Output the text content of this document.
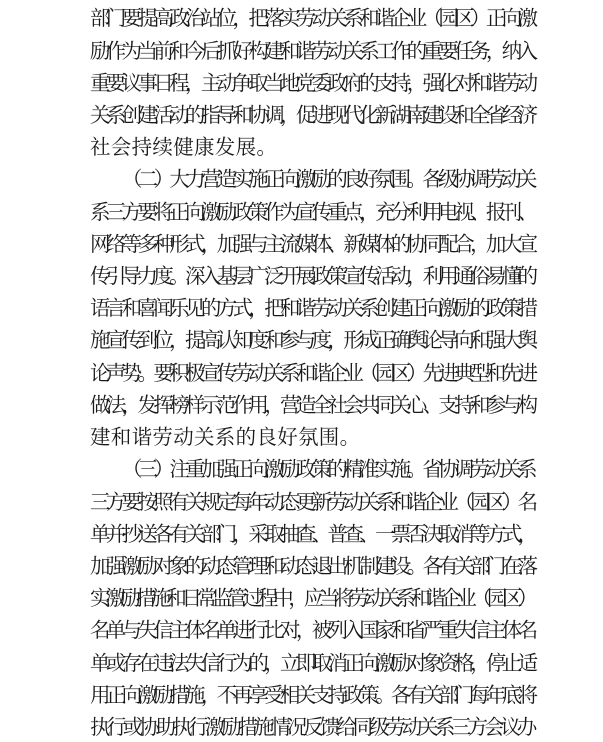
部门要提高政治站位，把落实劳动关系和谐企业（园区）正向激
励作为当前和今后抓好构建和谐劳动关系工作的重要任务，纳入
重要议事日程，主动争取当地党委政府的支持，强化对和谐劳动
关系创建活动的指导和协调，促进现代化新湖南建设和全省经济
社会持续健康发展。
（二）大力营造实施正向激励的良好氛围。各级协调劳动关
系三方要将正向激励政策作为宣传重点，充分利用电视、报刊、
网络等多种形式，加强与主流媒体、新媒体的协同配合，加大宣
传引导力度。深入基层广泛开展政策宣传活动，利用通俗易懂的
语言和喜闻乐见的方式，把和谐劳动关系创建正向激励的政策措
施宣传到位，提高认知度和参与度，形成正确舆论导向和强大舆
论声势。要积极宣传劳动关系和谐企业（园区）先进典型和先进
做法，发挥榜样示范作用，营造全社会共同关心、支持和参与构
建和谐劳动关系的良好氛围。
（三）注重加强正向激励政策的精准实施。省协调劳动关系
三方要按照有关规定每年动态更新劳动关系和谐企业（园区）名
单并抄送各有关部门，采取抽查、普查、一票否决取消等方式，
加强激励对象的动态管理和动态退出机制建设。各有关部门在落
实激励措施和日常监管过程中，应当将劳动关系和谐企业（园区）
名单与失信主体名单进行比对，被列入国家和省严重失信主体名
单或存在违法失信行为的，立即取消正向激励对象资格，停止适
用正向激励措施，不再享受相关支持政策。各有关部门每年底将
执行或协助执行激励措施情况反馈给同级劳动关系三方会议办
